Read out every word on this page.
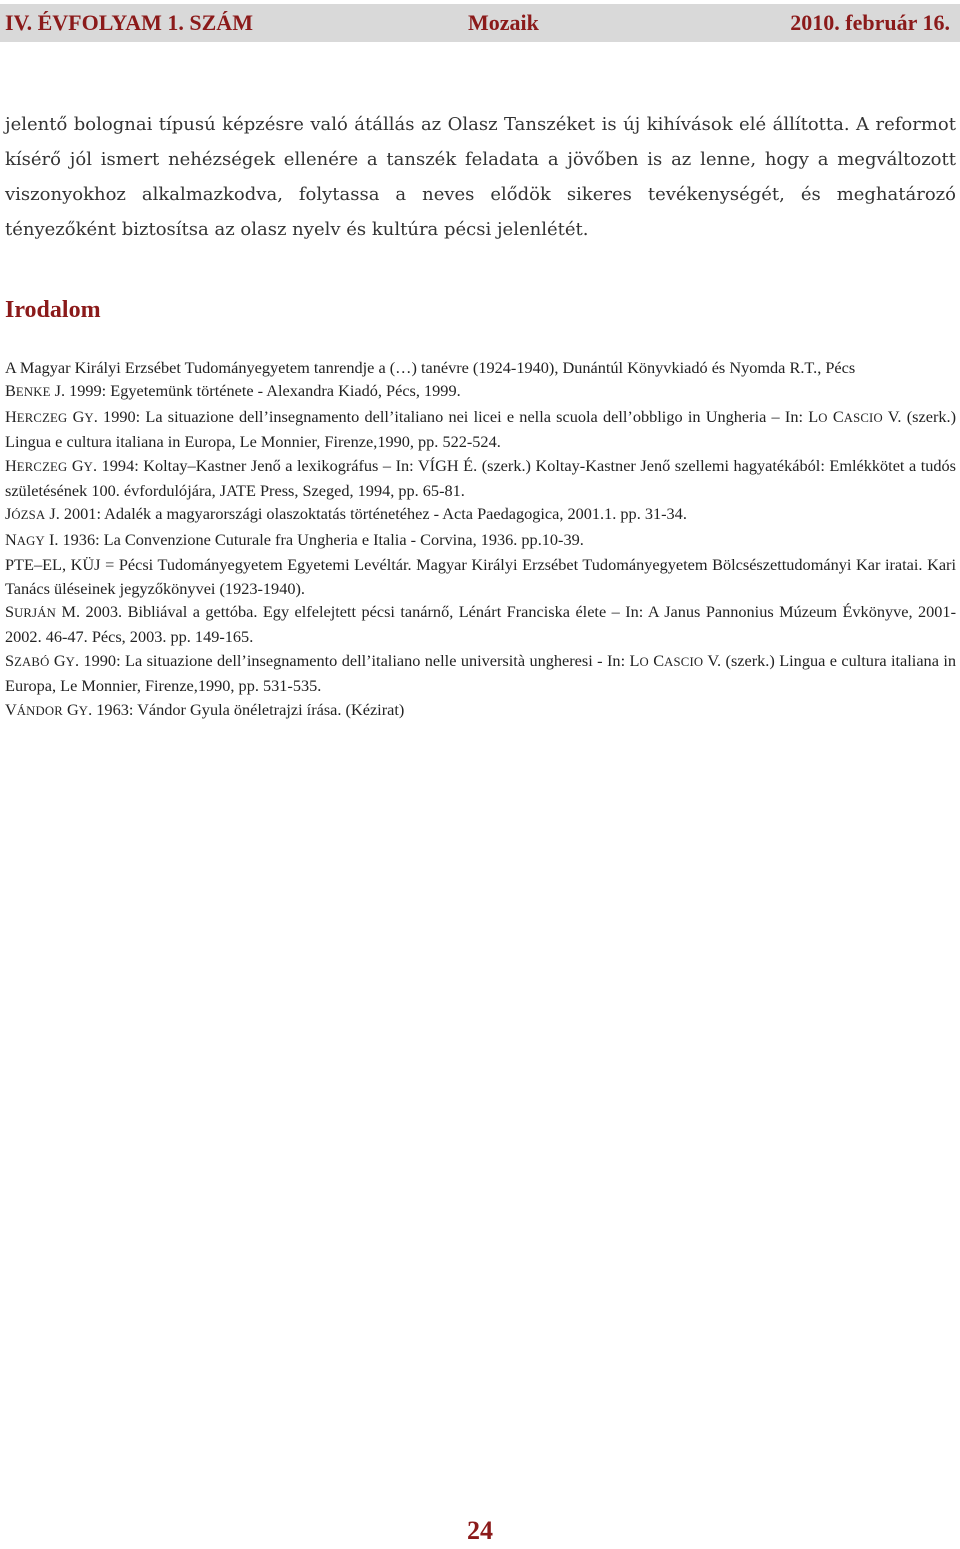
IV. ÉVFOLYAM 1. SZÁM	Mozaik	2010. február 16.

jelentő bolognai típusú képzésre való átállás az Olasz Tanszéket is új kihívások elé állította. A reformot kísérő jól ismert nehézségek ellenére a tanszék feladata a jövőben is az lenne, hogy a megváltozott viszonyokhoz alkalmazkodva, folytassa a neves elődök sikeres tevékenységét, és meghatározó tényezőként biztosítsa az olasz nyelv és kultúra pécsi jelenlétét.

Irodalom

A Magyar Királyi Erzsébet Tudományegyetem tanrendje a (…) tanévre (1924-1940), Dunántúl Könyvkiadó és Nyomda R.T., Pécs

BENKE J. 1999: Egyetemünk története - Alexandra Kiadó, Pécs, 1999.

HERCZEG GY. 1990: La situazione dell’insegnamento dell’italiano nei licei e nella scuola dell’obbligo in Ungheria – In: LO CASCIO V. (szerk.) Lingua e cultura italiana in Europa, Le Monnier, Firenze,1990, pp. 522-524.

HERCZEG GY. 1994: Koltay–Kastner Jenő a lexikográfus – In: VÍGH É. (szerk.) Koltay-Kastner Jenő szellemi hagyatékából: Emlékkötet a tudós születésének 100. évfordulójára, JATE Press, Szeged, 1994, pp. 65-81.

JÓZSA J. 2001: Adalék a magyarországi olaszoktatás történetéhez - Acta Paedagogica, 2001.1. pp. 31-34.

NAGY I. 1936: La Convenzione Cuturale fra Ungheria e Italia - Corvina, 1936. pp.10-39.

PTE–EL, KÜJ = Pécsi Tudományegyetem Egyetemi Levéltár. Magyar Királyi Erzsébet Tudományegyetem Bölcsészettudományi Kar iratai. Kari Tanács üléseinek jegyzőkönyvei (1923-1940).

SURJÁN M. 2003. Bibliával a gettóba. Egy elfelejtett pécsi tanárnő, Lénárt Franciska élete – In: A Janus Pannonius Múzeum Évkönyve, 2001-2002. 46-47. Pécs, 2003. pp. 149-165.

SZABÓ GY. 1990: La situazione dell’insegnamento dell’italiano nelle università ungheresi - In: LO CASCIO V. (szerk.) Lingua e cultura italiana in Europa, Le Monnier, Firenze,1990, pp. 531-535.

VÁNDOR GY. 1963: Vándor Gyula önéletrajzi írása. (Kézirat)

24
